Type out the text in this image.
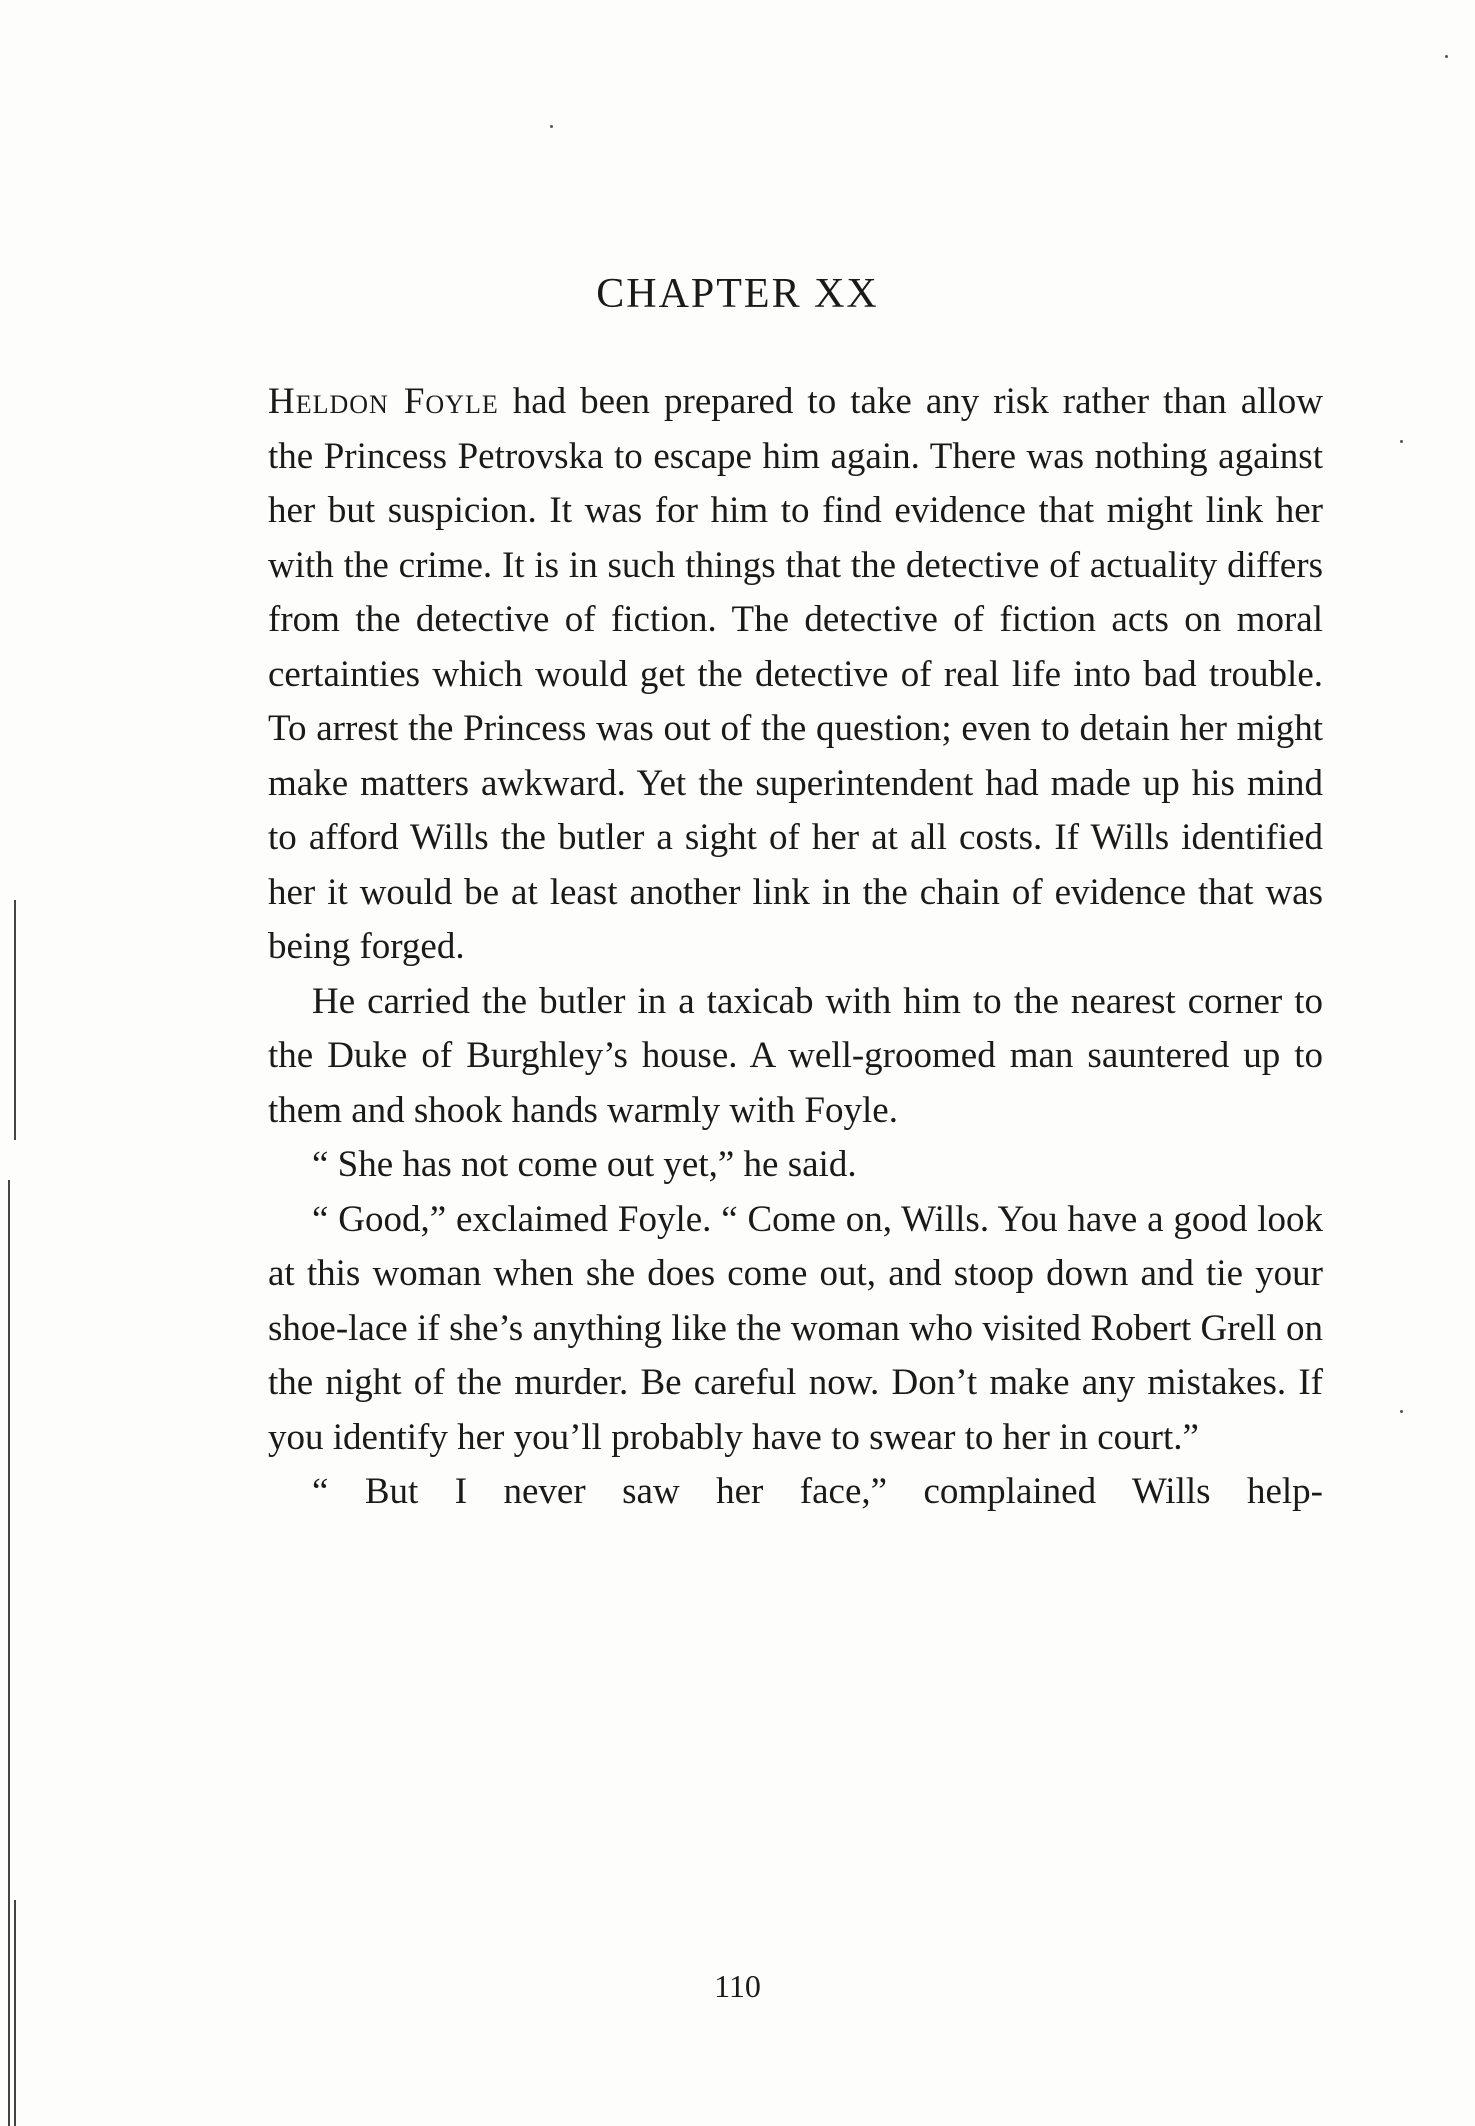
CHAPTER XX

Heldon Foyle had been prepared to take any risk rather than allow the Princess Petrovska to escape him again. There was nothing against her but suspicion. It was for him to find evidence that might link her with the crime. It is in such things that the detective of actuality differs from the detective of fiction. The detective of fiction acts on moral certainties which would get the detective of real life into bad trouble. To arrest the Princess was out of the question; even to detain her might make matters awkward. Yet the superintendent had made up his mind to afford Wills the butler a sight of her at all costs. If Wills identified her it would be at least another link in the chain of evidence that was being forged.

He carried the butler in a taxicab with him to the nearest corner to the Duke of Burghley’s house. A well-groomed man sauntered up to them and shook hands warmly with Foyle.

“ She has not come out yet,” he said.

“ Good,” exclaimed Foyle. “ Come on, Wills. You have a good look at this woman when she does come out, and stoop down and tie your shoe-lace if she’s anything like the woman who visited Robert Grell on the night of the murder. Be careful now. Don’t make any mistakes. If you identify her you’ll probably have to swear to her in court.”

“ But I never saw her face,” complained Wills help-

110
